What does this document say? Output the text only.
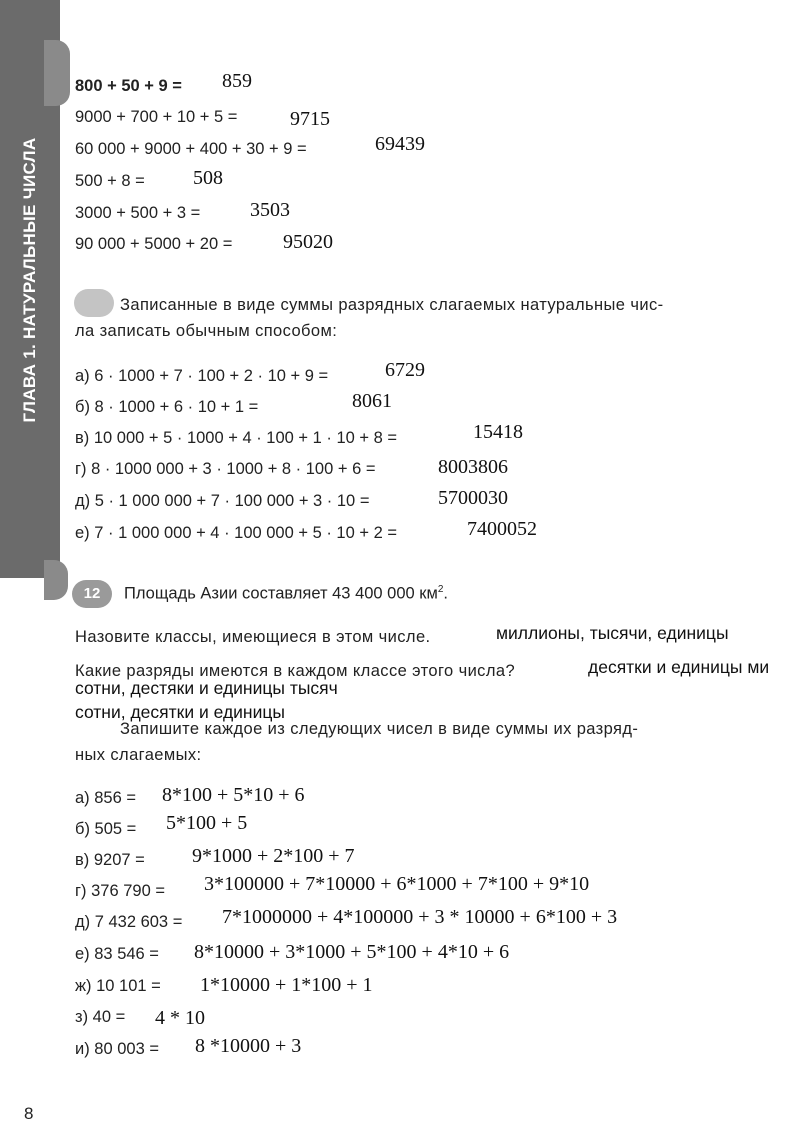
ГЛАВА 1. НАТУРАЛЬНЫЕ ЧИСЛА
800 + 50 + 9 = 859
9000 + 700 + 10 + 5 =	9715
60 000 + 9000 + 400 + 30 + 9 =	69439
500 + 8 = 508
3000 + 500 + 3 = 3503
90 000 + 5000 + 20 =	95020
Записанные в виде суммы разрядных слагаемых натуральные чис-
ла записать обычным способом:
а) 6 · 1000 + 7 · 100 + 2 · 10 + 9 =	6729
б) 8 · 1000 + 6 · 10 + 1 =	8061
в) 10 000 + 5 · 1000 + 4 · 100 + 1 · 10 + 8 =	15418
г) 8 · 1000 000 + 3 · 1000 + 8 · 100 + 6 =	8003806
д) 5 · 1 000 000 + 7 · 100 000 + 3 · 10 =	5700030
е) 7 · 1 000 000 + 4 · 100 000 + 5 · 10 + 2 =	7400052
12	Площадь Азии составляет 43 400 000 $км^2$.
Назовите классы, имеющиеся в этом числе.	миллионы, тысячи, единицы
Какие разряды имеются в каждом классе этого числа?	десятки и единицы ми
сотни, дестяки и единицы тысяч
сотни, десятки и единицы
Запишите каждое из следующих чисел в виде суммы их разряд-
ных слагаемых:
а) 856 = 8*100 + 5*10 + 6
б) 505 = 5*100 + 5
в) 9207 = 9*1000 + 2*100 + 7
г) 376 790 = 3*100000 + 7*10000 + 6*1000 + 7*100 + 9*10
д) 7 432 603 = 7*1000000 + 4*100000 + 3 * 10000 + 6*100 + 3
е) 83 546 = 8*10000 + 3*1000 + 5*100 + 4*10 + 6
ж) 10 101 = 1*10000 + 1*100 + 1
з) 40 = 4 * 10
и) 80 003 = 8 *10000 + 3
8
